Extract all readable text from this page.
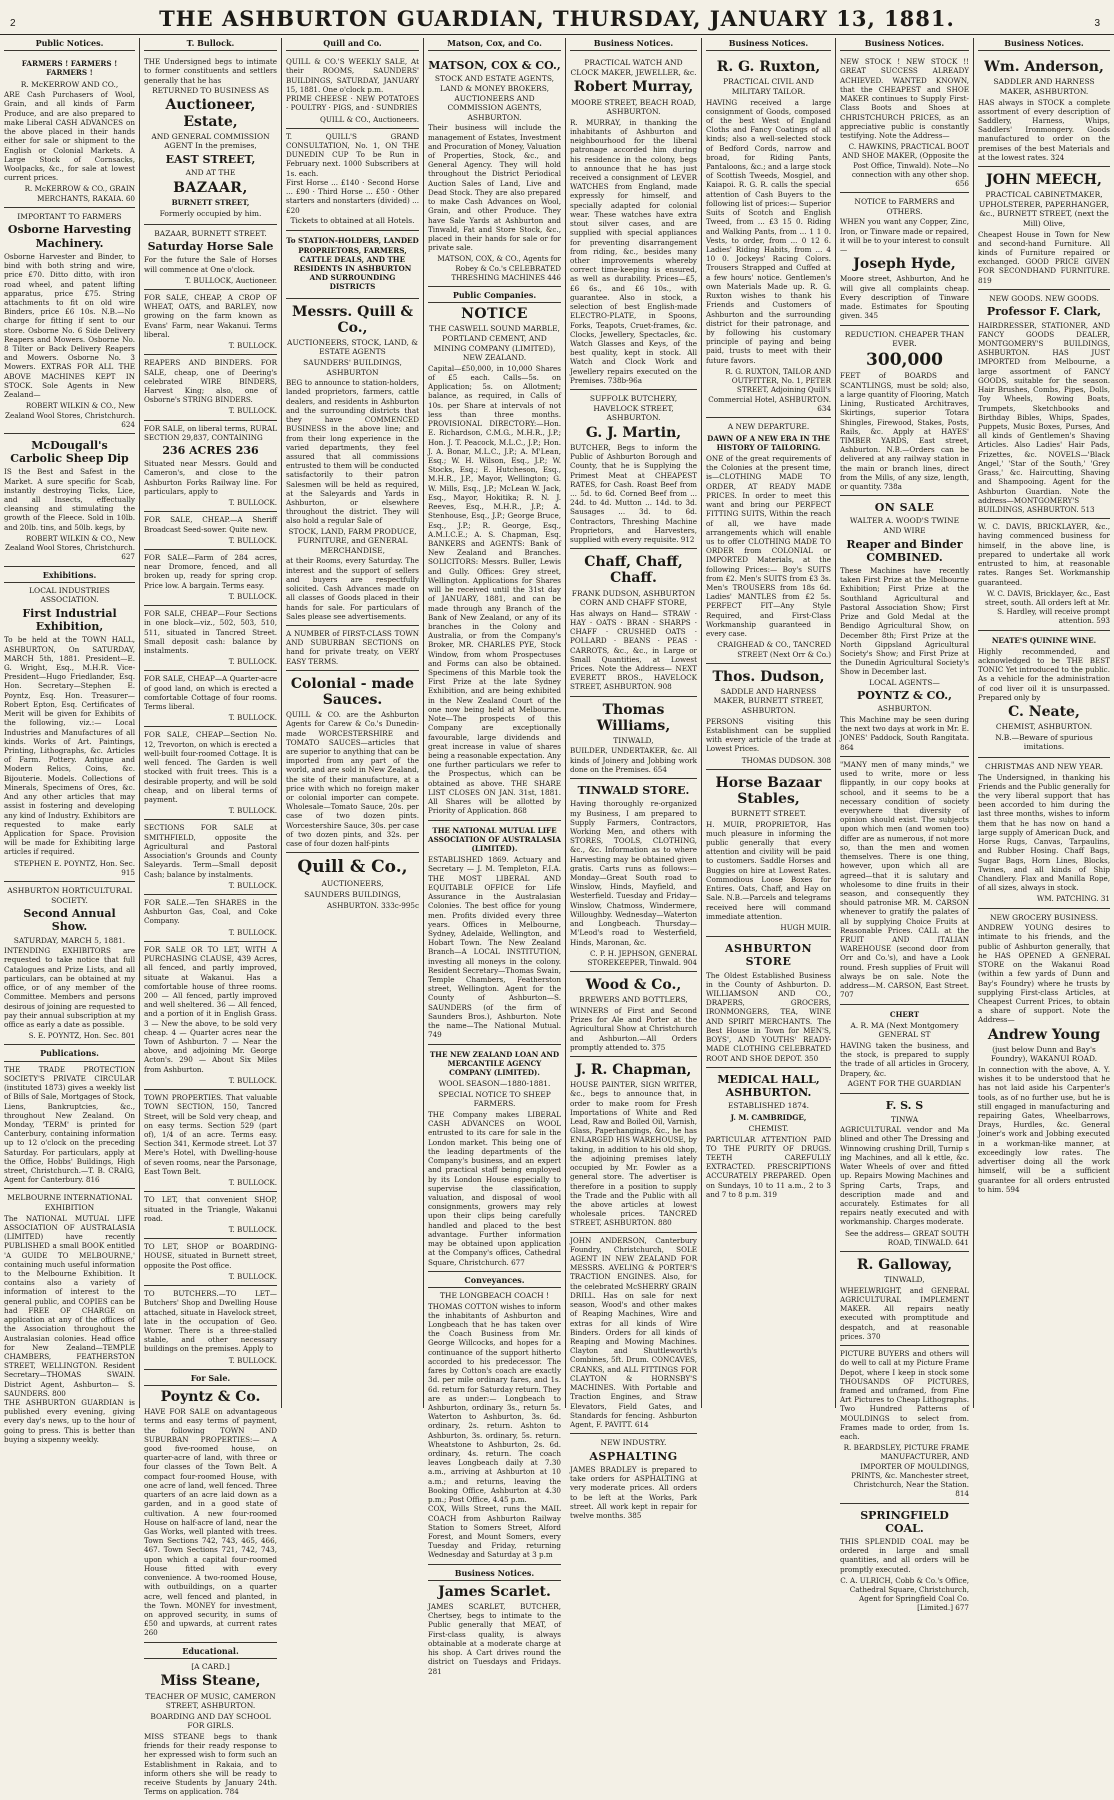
2	THE ASHBURTON GUARDIAN, THURSDAY, JANUARY 13, 1881.	3
Public Notices.
FARMERS ! FARMERS ! FARMERS !
R. McKERROW AND CO.,
ARE Cash Purchasers of Wool, Grain, and all kinds of Farm Produce, and are also prepared to make Liberal CASH ADVANCES on the above placed in their hands either for sale or shipment to the English or Colonial Markets. A Large Stock of Cornsacks, Woolpacks, &c., for sale at lowest current prices.
R. McKERROW & CO., GRAIN MERCHANTS, RAKAIA. 60
IMPORTANT TO FARMERS
Osborne Harvesting Machinery.
Osborne Harvester and Binder, to bind with both string and wire, price £70. Ditto ditto, with iron road wheel, and patent lifting apparatus, price £75. String attachments to fit on old wire Binders, price £6 10s. N.B.—No charge for fitting if sent to our store. Osborne No. 6 Side Delivery Reapers and Mowers. Osborne No. 8 Tilter or Back Delivery Reapers and Mowers. Osborne No. 3 Mowers. EXTRAS FOR ALL THE ABOVE MACHINES KEPT IN STOCK. Sole Agents in New Zealand—
ROBERT WILKIN & CO., New Zealand Wool Stores, Christchurch. 624
McDougall's Carbolic Sheep Dip
IS the Best and Safest in the Market. A sure specific for Scab, instantly destroying Ticks, Lice, and all Insects, effectually cleansing and stimulating the growth of the Fleece. Sold in 10lb. and 20lb. tins, and 50lb. kegs, by
ROBERT WILKIN & CO., New Zealand Wool Stores, Christchurch. 627
Exhibitions.
LOCAL INDUSTRIES ASSOCIATION.
First Industrial Exhibition,
To be held at the TOWN HALL, ASHBURTON, On SATURDAY, MARCH 5th, 1881. President—E. G. Wright, Esq., M.H.R. Vice-President—Hugo Friedlander, Esq. Hon. Secretary—Stephen E. Poyntz, Esq. Hon. Treasurer—Robert Epton, Esq. Certificates of Merit will be given for Exhibits of the following, viz.:— Local Industries and Manufactures of all kinds. Works of Art. Paintings, Printing, Lithographs, &c. Articles of Farm. Pottery. Antique and Modern Relics, Coins, &c. Bijouterie. Models. Collections of Minerals, Specimens of Ores, &c. And any other articles that may assist in fostering and developing any kind of Industry. Exhibitors are requested to make early Application for Space. Provision will be made for Exhibiting large articles if required.
STEPHEN E. POYNTZ, Hon. Sec. 915
ASHBURTON HORTICULTURAL SOCIETY.
Second Annual Show.
SATURDAY, MARCH 5, 1881.
INTENDING EXHIBITORS are requested to take notice that full Catalogues and Prize Lists, and all particulars, can be obtained at my office, or of any member of the Committee. Members and persons desirous of joining are requested to pay their annual subscription at my office as early a date as possible.
S. E. POYNTZ, Hon. Sec. 801
Publications.
THE TRADE PROTECTION SOCIETY'S PRIVATE CIRCULAR (instituted 1873) gives a weekly list of Bills of Sale, Mortgages of Stock, Liens, Bankruptcies, &c., throughout New Zealand. On Monday, 'TERM' is printed for Canterbury, containing information up to 12 o'clock on the preceding Saturday. For particulars, apply at the Office, Hobbs' Buildings, High street, Christchurch.—T. B. CRAIG, Agent for Canterbury. 816
MELBOURNE INTERNATIONAL EXHIBITION
The NATIONAL MUTUAL LIFE ASSOCIATION OF AUSTRALASIA (LIMITED) have recently PUBLISHED a small BOOK entitled 'A GUIDE TO MELBOURNE,' containing much useful information to the Melbourne Exhibition. It contains also a variety of information of interest to the general public, and COPIES can be had FREE OF CHARGE on application at any of the offices of the Association throughout the Australasian colonies. Head office for New Zealand—TEMPLE CHAMBERS, FEATHERSTON STREET, WELLINGTON. Resident Secretary—THOMAS SWAIN. District Agent, Ashburton— S. SAUNDERS. 800
THE ASHBURTON GUARDIAN is published every evening, giving every day's news, up to the hour of going to press. This is better than buying a sixpenny weekly.
T. Bullock.
THE Undersigned begs to intimate to former constituents and settlers generally that he has
RETURNED TO BUSINESS AS
Auctioneer, Estate,
AND GENERAL COMMISSION AGENT In the premises,
EAST STREET,
AND AT THE
BAZAAR,
BURNETT STREET,
Formerly occupied by him.
BAZAAR, BURNETT STREET.
Saturday Horse Sale
For the future the Sale of Horses will commence at One o'clock.
T. BULLOCK, Auctioneer.
FOR SALE, CHEAP, A CROP OF WHEAT, OATS, and BARLEY, now growing on the farm known as Evans' Farm, near Wakanui. Terms liberal.
T. BULLOCK.
REAPERS AND BINDERS. FOR SALE, cheap, one of Deering's celebrated WIRE BINDERS, Harvest King; also, one of Osborne's STRING BINDERS.
T. BULLOCK.
FOR SALE, on liberal terms, RURAL SECTION 29,837, CONTAINING
236 ACRES 236
Situated near Messrs. Gould and Cameron's, and close to the Ashburton Forks Railway line. For particulars, apply to
T. BULLOCK.
FOR SALE, CHEAP.—A Sheriff Broadcast Seed-sower. Quite new.
T. BULLOCK.
FOR SALE—Farm of 284 acres, near Dromore, fenced, and all broken up, ready for spring crop. Price low. A bargain. Terms easy.
T. BULLOCK.
FOR SALE, CHEAP—Four Sections in one block—viz., 502, 503, 510, 511, situated in Tancred Street. Small deposit cash: balance by instalments.
T. BULLOCK.
FOR SALE, CHEAP—A Quarter-acre of good land, on which is erected a comfortable Cottage of four rooms. Terms liberal.
T. BULLOCK.
FOR SALE, CHEAP—Section No. 12, Trevorton, on which is erected a well-built four-roomed Cottage. It is well fenced. The Garden is well stocked with fruit trees. This is a desirable property, and will be sold cheap, and on liberal terms of payment.
T. BULLOCK.
SECTIONS FOR SALE at SMITHFIELD, opposite the Agricultural and Pastoral Association's Grounds and County Saleyards. Term—Small deposit Cash; balance by instalments.
T. BULLOCK.
FOR SALE.—Ten SHARES in the Ashburton Gas, Coal, and Coke Company.
T. BULLOCK.
FOR SALE OR TO LET, WITH A PURCHASING CLAUSE, 439 Acres, all fenced, and partly improved, situate at Wakanui. Has a comfortable house of three rooms. 200 — All fenced, partly improved and well sheltered. 36 — All fenced, and a portion of it in English Grass. 3 — New the above, to be sold very cheap. 4 — Quarter acres near the Town of Ashburton. 7 — Near the above, and adjoining Mr. George Acton's. 290 — About Six Miles from Ashburton.
T. BULLOCK.
TOWN PROPERTIES. That valuable TOWN SECTION, 150, Tancred Street, will be Sold very cheap, and on easy terms. Section 529 (part of), 1/4 of an acre. Terms easy. Section 341, Kermode street. Lot 37 Mere's Hotel, with Dwelling-house of seven rooms, near the Parsonage, East Town Belt.
T. BULLOCK.
TO LET, that convenient SHOP, situated in the Triangle, Wakanui road.
T. BULLOCK.
TO LET, SHOP or BOARDING-HOUSE, situated in Burnett street, opposite the Post office.
T. BULLOCK.
TO BUTCHERS.—TO LET—Butchers' Shop and Dwelling House attached, situate in Havelock street, late in the occupation of Geo. Worner. There is a three-stalled stable, and other necessary buildings on the premises. Apply to
T. BULLOCK.
For Sale.
Poyntz & Co.
HAVE FOR SALE on advantageous terms and easy terms of payment, the following TOWN AND SUBURBAN PROPERTIES:— A good five-roomed house, on quarter-acre of land, with three or four classes of the Town Belt. A compact four-roomed House, with one acre of land, well fenced. Three quarters of an acre laid down as a garden, and in a good state of cultivation. A new four-roomed House on half-acre of land, near the Gas Works, well planted with trees. Town Sections 742, 743, 465, 466, 467. Town Sections 721, 742, 743, upon which a capital four-roomed House fitted with every convenience. A two-roomed House, with outbuildings, on a quarter acre, well fenced and planted, in the Town. MONEY for investment, on approved security, in sums of £50 and upwards, at current rates 260
Educational.
[A CARD.]
Miss Steane,
TEACHER OF MUSIC, CAMERON STREET, ASHBURTON.
BOARDING AND DAY SCHOOL FOR GIRLS.
MISS STEANE begs to thank friends for their ready response to her expressed wish to form such an Establishment in Rakaia, and to inform others she will be ready to receive Students by January 24th. Terms on application. 784
Quill and Co.
QUILL & CO.'S WEEKLY SALE, At their ROOMS, SAUNDERS' BUILDINGS, SATURDAY, JANUARY 15, 1881. One o'clock p.m.
PRIME CHEESE · NEW POTATOES · POULTRY · PIGS, and · SUNDRIES
QUILL & CO., Auctioneers.
T. QUILL'S GRAND CONSULTATION, No. 1, ON THE DUNEDIN CUP To be Run in February next. 1000 Subscribers at 1s. each.
First Horse ... £140 · Second Horse ... £90 · Third Horse ... £50 · Other starters and nonstarters (divided) ... £20
Tickets to obtained at all Hotels.
To STATION-HOLDERS, LANDED PROPRIETORS, FARMERS, CATTLE DEALS, AND THE RESIDENTS IN ASHBURTON AND SURROUNDING DISTRICTS
Messrs. Quill & Co.,
AUCTIONEERS, STOCK, LAND, & ESTATE AGENTS
SAUNDERS' BUILDINGS, ASHBURTON
BEG to announce to station-holders, landed proprietors, farmers, cattle dealers, and residents in Ashburton and the surrounding districts that they have COMMENCED BUSINESS in the above line; and from their long experience in the varied departments, they feel assured that all commissions entrusted to them will be conducted satisfactorily to their patron Salesmen will be held as required, at the Saleyards and Yards in Ashburton, or elsewhere throughout the district. They will also hold a regular Sale of
STOCK, LAND, FARM PRODUCE, FURNITURE, and GENERAL MERCHANDISE,
at their Rooms, every Saturday. The interest and the support of sellers and buyers are respectfully solicited. Cash Advances made on all classes of Goods placed in their hands for sale. For particulars of Sales please see advertisements.
A NUMBER of FIRST-CLASS TOWN AND SUBURBAN SECTIONS on hand for private treaty, on VERY EASY TERMS.
Colonial - made Sauces.
QUILL & CO. are the Ashburton Agents for Carew & Co.'s Dunedin-made WORCESTERSHIRE and TOMATO SAUCES—articles that are superior to anything that can be imported from any part of the world, and are sold in New Zealand, the site of their manufacture, at a price with which no foreign maker or colonial importer can compete. Wholesale—Tomato Sauce, 20s. per case of two dozen pints. Worcestershire Sauce, 30s. per case of two dozen pints, and 32s. per case of four dozen half-pints
Quill & Co.,
AUCTIONEERS,
SAUNDERS BUILDINGS,
ASHBURTON. 333c-995c
Matson, Cox, and Co.
MATSON, COX & CO.,
STOCK AND ESTATE AGENTS, LAND & MONEY BROKERS, AUCTIONEERS AND COMMISSION AGENTS, ASHBURTON.
Their business will include the management of Estates, Investment and Procuration of Money, Valuation of Properties, Stock, &c., and General Agency. They will hold throughout the District Periodical Auction Sales of Land, Live and Dead Stock. They are also prepared to make Cash Advances on Wool, Grain, and other Produce. They have Sale Yards at Ashburton and Tinwald, Fat and Store Stock, &c., placed in their hands for sale or for private sale.
MATSON, COX, & CO., Agents for Robey & Co.'s CELEBRATED THRESHING MACHINES 446
Public Companies.
NOTICE
THE CASWELL SOUND MARBLE, PORTLAND CEMENT, AND MINING COMPANY (LIMITED), NEW ZEALAND.
Capital—£50,000, in 10,000 Shares of £5 each. Calls—5s. on Application; 5s. on Allotment; balance, as required, in Calls of 10s. per Share at intervals of not less than three months. PROVISIONAL DIRECTORY:—Hon. E. Richardson, C.M.G., M.H.R., J.P.; Hon. J. T. Peacock, M.L.C., J.P.; Hon. J. A. Bonar, M.L.C., J.P.; A. M'Lean, Esq.; W. H. Wilson, Esq., J.P.; W. Stocks, Esq.; E. Hutcheson, Esq., M.H.R., J.P., Mayor, Wellington; G. W. Mills, Esq., J.P.; McLean W. Jack, Esq., Mayor, Hokitika; R. N. J. Reeves, Esq., M.H.R., J.P.; A. Stenhouse, Esq., J.P.; George Bruce, Esq., J.P.; R. George, Esq., A.M.I.C.E.; A. S. Chapman, Esq. BANKERS and AGENTS: Bank of New Zealand and Branches. SOLICITORS: Messrs. Buller, Lewis and Gully. Offices: Grey street, Wellington. Applications for Shares will be received until the 31st day of JANUARY, 1881, and can be made through any Branch of the Bank of New Zealand, or any of its branches in the Colony and Australia, or from the Company's Broker, MR. CHARLES PYE, Stock Window, from whom Prospectuses and Forms can also be obtained. Specimens of this Marble took the First Prize at the late Sydney Exhibition, and are being exhibited in the New Zealand Court of the one now being held at Melbourne. Note—The prospects of this Company are exceptionally favourable, large dividends and great increase in value of shares being a reasonable expectation. Any one further particulars we refer to the Prospectus, which can be obtained as above. THE SHARE LIST CLOSES ON JAN. 31st, 1881. All Shares will be allotted by Priority of Application. 868
THE NATIONAL MUTUAL LIFE ASSOCIATION OF AUSTRALASIA (LIMITED).
ESTABLISHED 1869. Actuary and Secretary — J. M. Templeton, F.I.A. THE MOST LIBERAL AND EQUITABLE OFFICE for Life Assurance in the Australasian Colonies. The best office for young men. Profits divided every three years. Offices in Melbourne, Sydney, Adelaide, Wellington, and Hobart Town. The New Zealand Branch—A LOCAL INSTITUTION, investing all moneys in the colony. Resident Secretary—Thomas Swain, Temple Chambers, Featherston street, Wellington. Agent for the County of Ashburton—S. SAUNDERS (of the firm of Saunders Bros.), Ashburton. Note the name—The National Mutual. 749
THE NEW ZEALAND LOAN AND MERCANTILE AGENCY COMPANY (LIMITED).
WOOL SEASON—1880-1881.
SPECIAL NOTICE TO SHEEP FARMERS.
THE Company makes LIBERAL CASH ADVANCES on WOOL entrusted to its care for sale in the London market. This being one of the leading departments of the Company's business, and an expert and practical staff being employed by its London House especially to supervise the classification, valuation, and disposal of wool consignments, growers may rely upon their clips being carefully handled and placed to the best advantage. Further information may be obtained upon application at the Company's offices, Cathedral Square, Christchurch. 677
Conveyances.
THE LONGBEACH COACH !
THOMAS COTTON wishes to inform the inhabitants of Ashburton and Longbeach that he has taken over the Coach Business from Mr. George Willcocks, and hopes for a continuance of the support hitherto accorded to his predecessor. The fares by Cotton's coach are exactly 3d. per mile ordinary fares, and 1s. 6d. return for Saturday return. They are as under:— Longbeach to Ashburton, ordinary 3s., return 5s. Waterton to Ashburton, 3s. 6d. ordinary, 2s. return. Ashton to Ashburton, 3s. ordinary, 5s. return. Wheatstone to Ashburton, 2s. 6d. ordinary, 4s. return. The coach leaves Longbeach daily at 7.30 a.m., arriving at Ashburton at 10 a.m.; and returns, leaving the Booking Office, Ashburton at 4.30 p.m.; Post Office, 4.45 p.m.
COX, Wills Street, runs the MAIL COACH from Ashburton Railway Station to Somers Street, Alford Forest, and Mount Somers, every Tuesday and Friday, returning Wednesday and Saturday at 3 p.m
Business Notices.
James Scarlet.
JAMES SCARLET, BUTCHER, Chertsey, begs to intimate to the Public generally that MEAT, of First-class quality, is always obtainable at a moderate charge at his shop. A Cart drives round the district on Tuesdays and Fridays. 281
Business Notices.
PRACTICAL WATCH AND CLOCK MAKER, JEWELLER, &c.
Robert Murray,
MOORE STREET, BEACH ROAD, ASHBURTON.
R. MURRAY, in thanking the inhabitants of Ashburton and neighbourhood for the liberal patronage accorded him during his residence in the colony, begs to announce that he has just received a consignment of LEVER WATCHES from England, made expressly for himself, and specially adapted for colonial wear. These watches have extra stout silver cases, and are supplied with special appliances for preventing disarrangement from riding, &c., besides many other improvements whereby correct time-keeping is ensured, as well as durability. Prices—£5, £6 6s., and £6 10s., with guarantee. Also in stock, a selection of best English-made ELECTRO-PLATE, in Spoons, Forks, Teapots, Cruet-frames, &c. Clocks, Jewellery, Spectacles, &c. Watch Glasses and Keys, of the best quality, kept in stock. All Watch and Clock Work and Jewellery repairs executed on the Premises. 738b-96a
SUFFOLK BUTCHERY, HAVELOCK STREET, ASHBURTON.
G. J. Martin,
BUTCHER, Begs to inform the Public of Ashburton Borough and County, that he is Supplying the Primest Meat at CHEAPEST RATES, for Cash. Roast Beef from ... 5d. to 6d. Corned Beef from ... 24d. to 4d. Mutton ... 14d. to 3d. Sausages ... 3d. to 6d. Contractors, Threshing Machine Proprietors, and Harvesters, supplied with every requisite. 912
Chaff, Chaff, Chaff.
FRANK DUDSON, ASHBURTON CORN AND CHAFF STORE,
Has always on Hand— STRAW · HAY · OATS · BRAN · SHARPS · CHAFF · CRUSHED OATS · POLLARD · BEANS · PEAS · CARROTS, &c., &c., in Large or Small Quantities, at Lowest Prices. Note the Address— NEXT EVERETT BROS., HAVELOCK STREET, ASHBURTON. 908
Thomas Williams,
TINWALD,
BUILDER, UNDERTAKER, &c. All kinds of Joinery and Jobbing work done on the Premises. 654
TINWALD STORE.
Having thoroughly re-organized my Business, I am prepared to Supply Farmers, Contractors, Working Men, and others with STORES, TOOLS, CLOTHING, &c., &c. Information as to where Harvesting may be obtained given gratis. Carts runs as follows:— Monday—Great South road to Winslow, Hinds, Mayfield, and Westerfield. Tuesday and Friday—Winslow, Chatmoss, Windermere, Willoughby. Wednesday—Waterton and Longbeach. Thursday—M'Leod's road to Westerfield, Hinds, Maronan, &c.
C. P. H. JEPHSON, GENERAL STOREKEEPER, Tinwald. 904
Wood & Co.,
BREWERS AND BOTTLERS,
WINNERS of First and Second Prizes for Ale and Porter at the Agricultural Show at Christchurch and Ashburton.—All Orders promptly attended to. 375
J. R. Chapman,
HOUSE PAINTER, SIGN WRITER, &c., begs to announce that, in order to make room for Fresh Importations of White and Red Lead, Raw and Boiled Oil, Varnish, Glass, Paperhangings, &c., he has ENLARGED HIS WAREHOUSE, by taking, in addition to his old shop, the adjoining premises lately occupied by Mr. Fowler as a general store. The advertiser is therefore in a position to supply the Trade and the Public with all the above articles at lowest wholesale prices. TANCRED STREET, ASHBURTON. 880
JOHN ANDERSON, Canterbury Foundry, Christchurch, SOLE AGENT IN NEW ZEALAND FOR MESSRS. AVELING & PORTER'S TRACTION ENGINES. Also, for the celebrated McSHERRY GRAIN DRILL. Has on sale for next season, Wood's and other makes of Reaping Machines, Wire and extras for all kinds of Wire Binders. Orders for all kinds of Reaping and Mowing Machines. Clayton and Shuttleworth's Combines, 5ft. Drum. CONCAVES, CRANKS, and ALL FITTINGS FOR CLAYTON & HORNSBY'S MACHINES. With Portable and Traction Engines, and Straw Elevators, Field Gates, and Standards for fencing. Ashburton Agent, F. PAVITT. 614
NEW INDUSTRY.
ASPHALTING
JAMES BRADLEY is prepared to take orders for ASPHALTING at very moderate prices. All orders to be left at the Works, Park street. All work kept in repair for twelve months. 385
Business Notices.
R. G. Ruxton,
PRACTICAL CIVIL AND MILITARY TAILOR.
HAVING received a large consignment of Goods, composed of the best West of England Cloths and Fancy Coatings of all kinds; also a well-selected stock of Bedford Cords, narrow and broad, for Riding Pants, Pantaloons, &c.; and a large stock of Scottish Tweeds, Mosgiel, and Kaiapoi. R. G. R. calls the special attention of Cash Buyers to the following list of prices:— Superior Suits of Scotch and English Tweed, from ... £3 15 0. Riding and Walking Pants, from ... 1 1 0. Vests, to order, from ... 0 12 6. Ladies' Riding Habits, from ... 4 10 0. Jockeys' Racing Colors. Trousers Strapped and Cuffed at a few hours' notice. Gentlemen's own Materials Made up. R. G. Ruxton wishes to thank his Friends and Customers of Ashburton and the surrounding district for their patronage, and by following his customary principle of paying and being paid, trusts to meet with their future favors.
R. G. RUXTON, TAILOR AND OUTFITTER, No. 1, PETER STREET, Adjoining Quill's Commercial Hotel, ASHBURTON. 634
A NEW DEPARTURE.
DAWN OF A NEW ERA IN THE HISTORY OF TAILORING.
ONE of the great requirements of the Colonies at the present time, is—CLOTHING MADE TO ORDER, AT READY MADE PRICES. In order to meet this want and bring our PERFECT FITTING SUITS, Within the reach of all, we have made arrangements which will enable us to offer CLOTHING MADE TO ORDER from COLONIAL or IMPORTED Materials, at the following Prices:— Boy's SUITS from £2. Men's SUITS from £3 3s. Men's TROUSERS from 18s 6d. Ladies' MANTLES from £2 5s. PERFECT FIT—Any Style Required, and First-Class Workmanship guaranteed in every case.
CRAIGHEAD & CO., TANCRED STREET (Next Orr & Co.)
Thos. Dudson,
SADDLE AND HARNESS MAKER, BURNETT STREET, ASHBURTON.
PERSONS visiting this Establishment can be supplied with every article of the trade at Lowest Prices.
THOMAS DUDSON. 308
Horse Bazaar Stables,
BURNETT STREET.
H. MUIR, PROPRIETOR, Has much pleasure in informing the public generally that every attention and civility will be paid to customers. Saddle Horses and Buggies on hire at Lowest Rates. Commodious Loose Boxes for Entires. Oats, Chaff, and Hay on Sale. N.B.—Parcels and telegrams received here will command immediate attention.
HUGH MUIR.
ASHBURTON STORE
The Oldest Established Business in the County of Ashburton. D. WILLIAMSON AND CO., DRAPERS, GROCERS, IRONMONGERS, TEA, WINE AND SPIRIT MERCHANTS. The Best House in Town for MEN'S, BOYS', AND YOUTHS' READY-MADE CLOTHING CELEBRATED ROOT AND SHOE DEPOT. 350
MEDICAL HALL, ASHBURTON.
ESTABLISHED 1874.
J. M. CAMBRIDGE,
CHEMIST.
PARTICULAR ATTENTION PAID TO THE PURITY OF DRUGS. TEETH CAREFULLY EXTRACTED. PRESCRIPTIONS ACCURATELY PREPARED. Open on Sundays, 10 to 11 a.m., 2 to 3 and 7 to 8 p.m. 319
Business Notices.
NEW STOCK ! NEW STOCK !! GREAT SUCCESS ALREADY ACHIEVED. WANTED KNOWN, that the CHEAPEST and SHOE MAKER continues to Supply First-Class Boots and Shoes at CHRISTCHURCH PRICES, as an appreciative public is constantly testifying. Note the Address—
C. HAWKINS, PRACTICAL BOOT AND SHOE MAKER, (Opposite the Post Office, Tinwald). Note—No connection with any other shop. 656
NOTICE to FARMERS and OTHERS.
WHEN you want any Copper, Zinc, Iron, or Tinware made or repaired, it will be to your interest to consult—
Joseph Hyde,
Moore street, Ashburton, And he will give all complaints cheap. Every description of Tinware made. Estimates for Spouting given. 345
REDUCTION. CHEAPER THAN EVER.
300,000
FEET of BOARDS and SCANTLINGS, must be sold; also, a large quantity of Flooring, Match Lining, Rusticated Architraves, Skirtings, superior Totara Shingles, Firewood, Stakes, Posts, Rails, &c. Apply at HAYES' TIMBER YARDS, East street, Ashburton. N.B.—Orders can be delivered at any railway station in the main or branch lines, direct from the Mills, of any size, length, or quantity. 738a
ON SALE
WALTER A. WOOD'S TWINE AND WIRE
Reaper and Binder COMBINED.
These Machines have recently taken First Prize at the Melbourne Exhibition; First Prize at the Southland Agricultural and Pastoral Association Show; First Prize and Gold Medal at the Bendigo Agricultural Show, on December 8th; First Prize at the North Gippsland Agricultural Society's Show; and First Prize at the Dunedin Agricultural Society's Show in December last.
LOCAL AGENTS—
POYNTZ & CO.,
ASHBURTON.
This Machine may be seen during the next two days at work in Mr. E. JONES' Paddock, South Rangitata. 864
"MANY men of many minds," we used to write, more or less flippantly, in our copy books at school, and it seems to be a necessary condition of society everywhere that diversity of opinion should exist. The subjects upon which men (and women too) differ are as numerous, if not more so, than the men and women themselves. There is one thing, however, upon which all are agreed—that it is salutary and wholesome to dine fruits in their season, and consequently they should patronise MR. M. CARSON whenever to gratify the palates of all by supplying Choice Fruits at Reasonable Prices. CALL at the FRUIT AND ITALIAN WAREHOUSE (second door from Orr and Co.'s), and have a Look round. Fresh supplies of Fruit will always be on sale. Note the address—M. CARSON, East Street. 707
CHERT
A. R. MA (Next Montgomery GENERAL ST
HAVING taken the business, and the stock, is prepared to supply the trade of all articles in Grocery, Drapery, &c.
AGENT FOR THE GUARDIAN
F. S. S
TINWA
AGRICULTURAL vendor and Ma blined and other The Dressing and Winnowing crushing Drill, Turnip s ing Machines, and all k ettle, &c. Water Wheels of over and fitted up. Repairs Mowing Machines and Spring Carts, Traps, and description made and and accurately. Estimates for all repairs neatly executed and with workmanship. Charges moderate.
See the address— GREAT SOUTH ROAD, TINWALD. 641
R. Galloway,
TINWALD,
WHEELWRIGHT, and GENERAL AGRICULTURAL IMPLEMENT MAKER. All repairs neatly executed with promptitude and despatch, and at reasonable prices. 370
PICTURE BUYERS and others will do well to call at my Picture Frame Depot, where I keep in stock some THOUSANDS OF PICTURES, framed and unframed, from Fine Art Pictures to Cheap Lithographs. Two Hundred Patterns of MOULDINGS to select from. Frames made to order, from 1s. each.
R. BEARDSLEY, PICTURE FRAME MANUFACTURER, AND IMPORTER OF MOULDINGS, PRINTS, &c. Manchester street, Christchurch, Near the Station. 814
SPRINGFIELD COAL.
THIS SPLENDID COAL may be ordered in large and small quantities, and all orders will be promptly executed.
C. A. ULRICH, Cobb & Co.'s Office, Cathedral Square, Christchurch, Agent for Springfield Coal Co. [Limited.] 677
Business Notices.
Wm. Anderson,
SADDLER AND HARNESS MAKER, ASHBURTON.
HAS always in STOCK a complete assortment of every description of Saddlery, Harness, Whips, Saddlers' Ironmongery. Goods manufactured to order on the premises of the best Materials and at the lowest rates. 324
JOHN MEECH,
PRACTICAL CABINETMAKER, UPHOLSTERER, PAPERHANGER, &c., BURNETT STREET, (next the Mill) Olive,
Cheapest House in Town for New and second-hand Furniture. All kinds of Furniture repaired or exchanged. GOOD PRICE GIVEN FOR SECONDHAND FURNITURE. 819
NEW GOODS. NEW GOODS.
Professor F. Clark,
HAIRDRESSER, STATIONER, AND FANCY GOODS DEALER, MONTGOMERY'S BUILDINGS, ASHBURTON. HAS JUST IMPORTED from Melbourne, a large assortment of FANCY GOODS, suitable for the season. Hair Brushes, Combs, Pipes, Dolls, Toy Wheels, Rowing Boats, Trumpets, Sketchbooks and Birthday Bibles, Whips, Spades, Puppets, Music Boxes, Purses, And all kinds of Gentlemen's Shaving Articles. Also Ladies' Hair Pads, Frizettes, &c. NOVELS—'Black Angel,' 'Star of the South,' 'Grey Grass,' &c. Haircutting, Shaving and Shampooing. Agent for the Ashburton Guardian. Note the address—MONTGOMERY'S BUILDINGS, ASHBURTON. 513
W. C. DAVIS, BRICKLAYER, &c., having commenced business for himself, in the above line, is prepared to undertake all work entrusted to him, at reasonable rates. Ranges Set. Workmanship guaranteed.
W. C. DAVIS, Bricklayer, &c., East street, south. All orders left at Mr. S. Hardley, will receive prompt attention. 593
NEATE'S QUININE WINE.
Highly recommended, and acknowledged to be THE BEST TONIC Yet introduced to the public. As a vehicle for the administration of cod liver oil it is unsurpassed. Prepared only by
C. Neate,
CHEMIST, ASHBURTON.
N.B.—Beware of spurious imitations.
CHRISTMAS AND NEW YEAR.
The Undersigned, in thanking his Friends and the Public generally for the very liberal support that has been accorded to him during the last three months, wishes to inform them that he has now on hand a large supply of American Duck, and Horse Rugs, Canvas, Tarpaulins, and Rubber Hosing. Chaff Bags, Sugar Bags, Horn Lines, Blocks, Twines, and all kinds of Ship Chandlery. Flax and Manilla Rope, of all sizes, always in stock.
WM. PATCHING. 31
NEW GROCERY BUSINESS.
ANDREW YOUNG desires to intimate to his friends, and the public of Ashburton generally, that he HAS OPENED A GENERAL STORE on the Wakanui Road (within a few yards of Dunn and Bay's Foundry) where he trusts by supplying First-class Articles, at Cheapest Current Prices, to obtain a share of support. Note the Address—
Andrew Young
(just below Dunn and Bay's Foundry), WAKANUI ROAD.
In connection with the above, A. Y. wishes it to be understood that he has not laid aside his Carpenter's tools, as of no further use, but he is still engaged in manufacturing and repairing Gates, Wheelbarrows, Drays, Hurdles, &c. General Joiner's work and Jobbing executed in a workman-like manner, at exceedingly low rates. The advertiser doing all the work himself, will be a sufficient guarantee for all orders entrusted to him. 594
